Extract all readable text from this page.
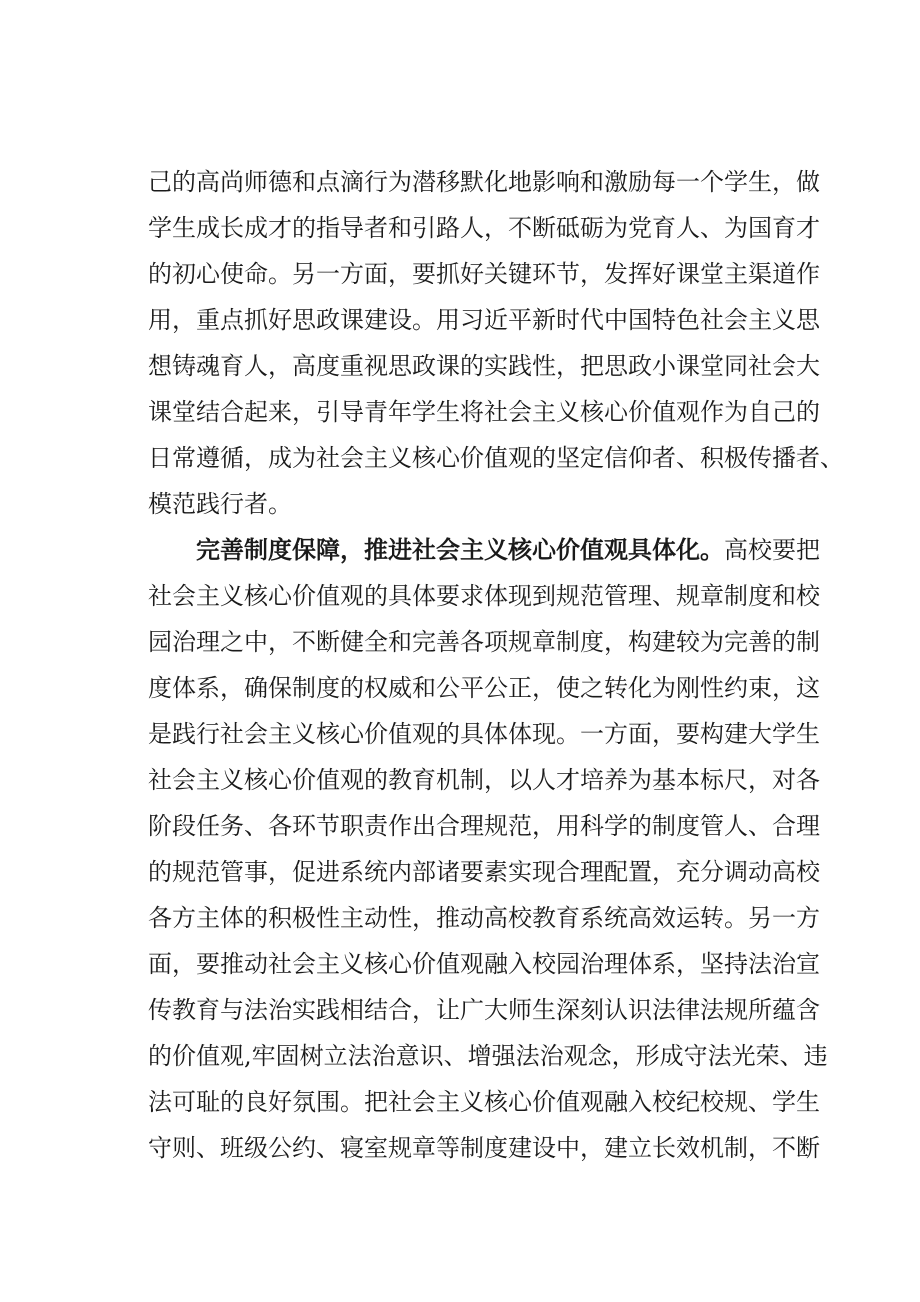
己的高尚师德和点滴行为潜移默化地影响和激励每一个学生，做
学生成长成才的指导者和引路人，不断砥砺为党育人、为国育才
的初心使命。另一方面，要抓好关键环节，发挥好课堂主渠道作
用，重点抓好思政课建设。用习近平新时代中国特色社会主义思
想铸魂育人，高度重视思政课的实践性，把思政小课堂同社会大
课堂结合起来，引导青年学生将社会主义核心价值观作为自己的
日常遵循，成为社会主义核心价值观的坚定信仰者、积极传播者、
模范践行者。
完善制度保障，推进社会主义核心价值观具体化。高校要把
社会主义核心价值观的具体要求体现到规范管理、规章制度和校
园治理之中，不断健全和完善各项规章制度，构建较为完善的制
度体系，确保制度的权威和公平公正，使之转化为刚性约束，这
是践行社会主义核心价值观的具体体现。一方面，要构建大学生
社会主义核心价值观的教育机制，以人才培养为基本标尺，对各
阶段任务、各环节职责作出合理规范，用科学的制度管人、合理
的规范管事，促进系统内部诸要素实现合理配置，充分调动高校
各方主体的积极性主动性，推动高校教育系统高效运转。另一方
面，要推动社会主义核心价值观融入校园治理体系，坚持法治宣
传教育与法治实践相结合，让广大师生深刻认识法律法规所蕴含
的价值观,牢固树立法治意识、增强法治观念，形成守法光荣、违
法可耻的良好氛围。把社会主义核心价值观融入校纪校规、学生
守则、班级公约、寝室规章等制度建设中，建立长效机制，不断
